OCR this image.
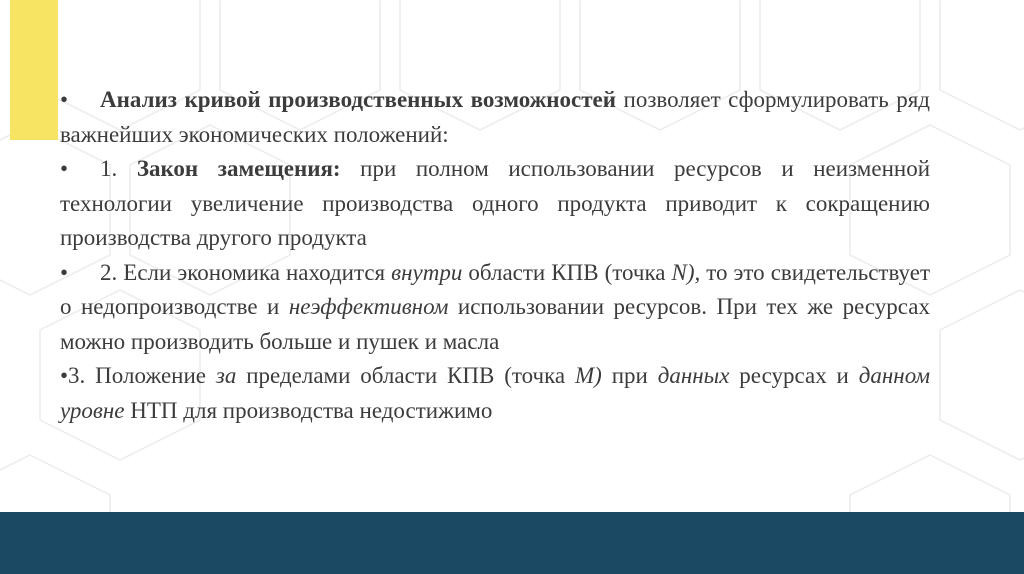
• Анализ кривой производственных возможностей позволяет сформулировать ряд важнейших экономических положений:

• 1. Закон замещения: при полном использовании ресурсов и неизменной технологии увеличение производства одного продукта приводит к сокращению производства другого продукта

• 2. Если экономика находится внутри области КПВ (точка N), то это свидетельствует о недопроизводстве и неэффективном использовании ресурсов. При тех же ресурсах можно производить больше и пушек и масла

•3. Положение за пределами области КПВ (точка М) при данных ресурсах и данном уровне НТП для производства недостижимо
